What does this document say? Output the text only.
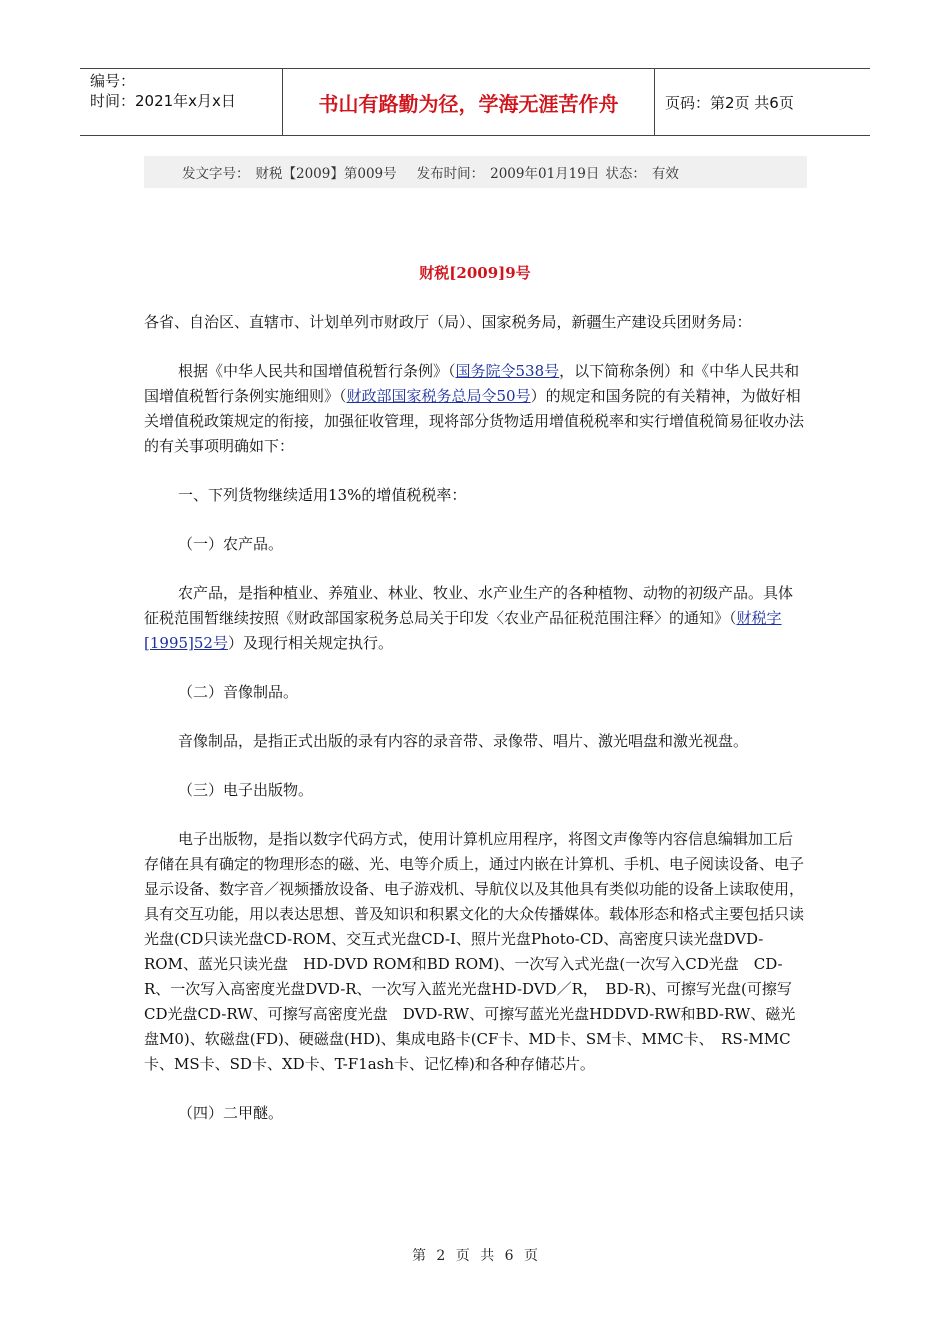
编号：
时间：2021年x月x日	书山有路勤为径，学海无涯苦作舟	页码：第2页 共6页
发文字号： 财税【2009】第009号 发布时间： 2009年01月19日 状态： 有效
财税[2009]9号

各省、自治区、直辖市、计划单列市财政厅（局）、国家税务局，新疆生产建设兵团财务局：

根据《中华人民共和国增值税暂行条例》（国务院令538号，以下简称条例）和《中华人民共和国增值税暂行条例实施细则》（财政部国家税务总局令50号）的规定和国务院的有关精神，为做好相关增值税政策规定的衔接，加强征收管理，现将部分货物适用增值税税率和实行增值税简易征收办法的有关事项明确如下：

一、下列货物继续适用13%的增值税税率：

（一）农产品。

农产品，是指种植业、养殖业、林业、牧业、水产业生产的各种植物、动物的初级产品。具体征税范围暂继续按照《财政部国家税务总局关于印发〈农业产品征税范围注释〉的通知》（财税字[1995]52号）及现行相关规定执行。

（二）音像制品。

音像制品，是指正式出版的录有内容的录音带、录像带、唱片、激光唱盘和激光视盘。

（三）电子出版物。

电子出版物，是指以数字代码方式，使用计算机应用程序，将图文声像等内容信息编辑加工后存储在具有确定的物理形态的磁、光、电等介质上，通过内嵌在计算机、手机、电子阅读设备、电子显示设备、数字音／视频播放设备、电子游戏机、导航仪以及其他具有类似功能的设备上读取使用，具有交互功能，用以表达思想、普及知识和积累文化的大众传播媒体。载体形态和格式主要包括只读光盘(CD只读光盘CD-ROM、交互式光盘CD-I、照片光盘Photo-CD、高密度只读光盘DVD-ROM、蓝光只读光盘　HD-DVD ROM和BD ROM)、一次写入式光盘(一次写入CD光盘　CD-R、一次写入高密度光盘DVD-R、一次写入蓝光光盘HD-DVD／R，　BD-R)、可擦写光盘(可擦写CD光盘CD-RW、可擦写高密度光盘　DVD-RW、可擦写蓝光光盘HDDVD-RW和BD-RW、磁光盘M0)、软磁盘(FD)、硬磁盘(HD)、集成电路卡(CF卡、MD卡、SM卡、MMC卡、　RS-MMC卡、MS卡、SD卡、XD卡、T-F1ash卡、记忆棒)和各种存储芯片。

（四）二甲醚。

第 2 页 共 6 页
